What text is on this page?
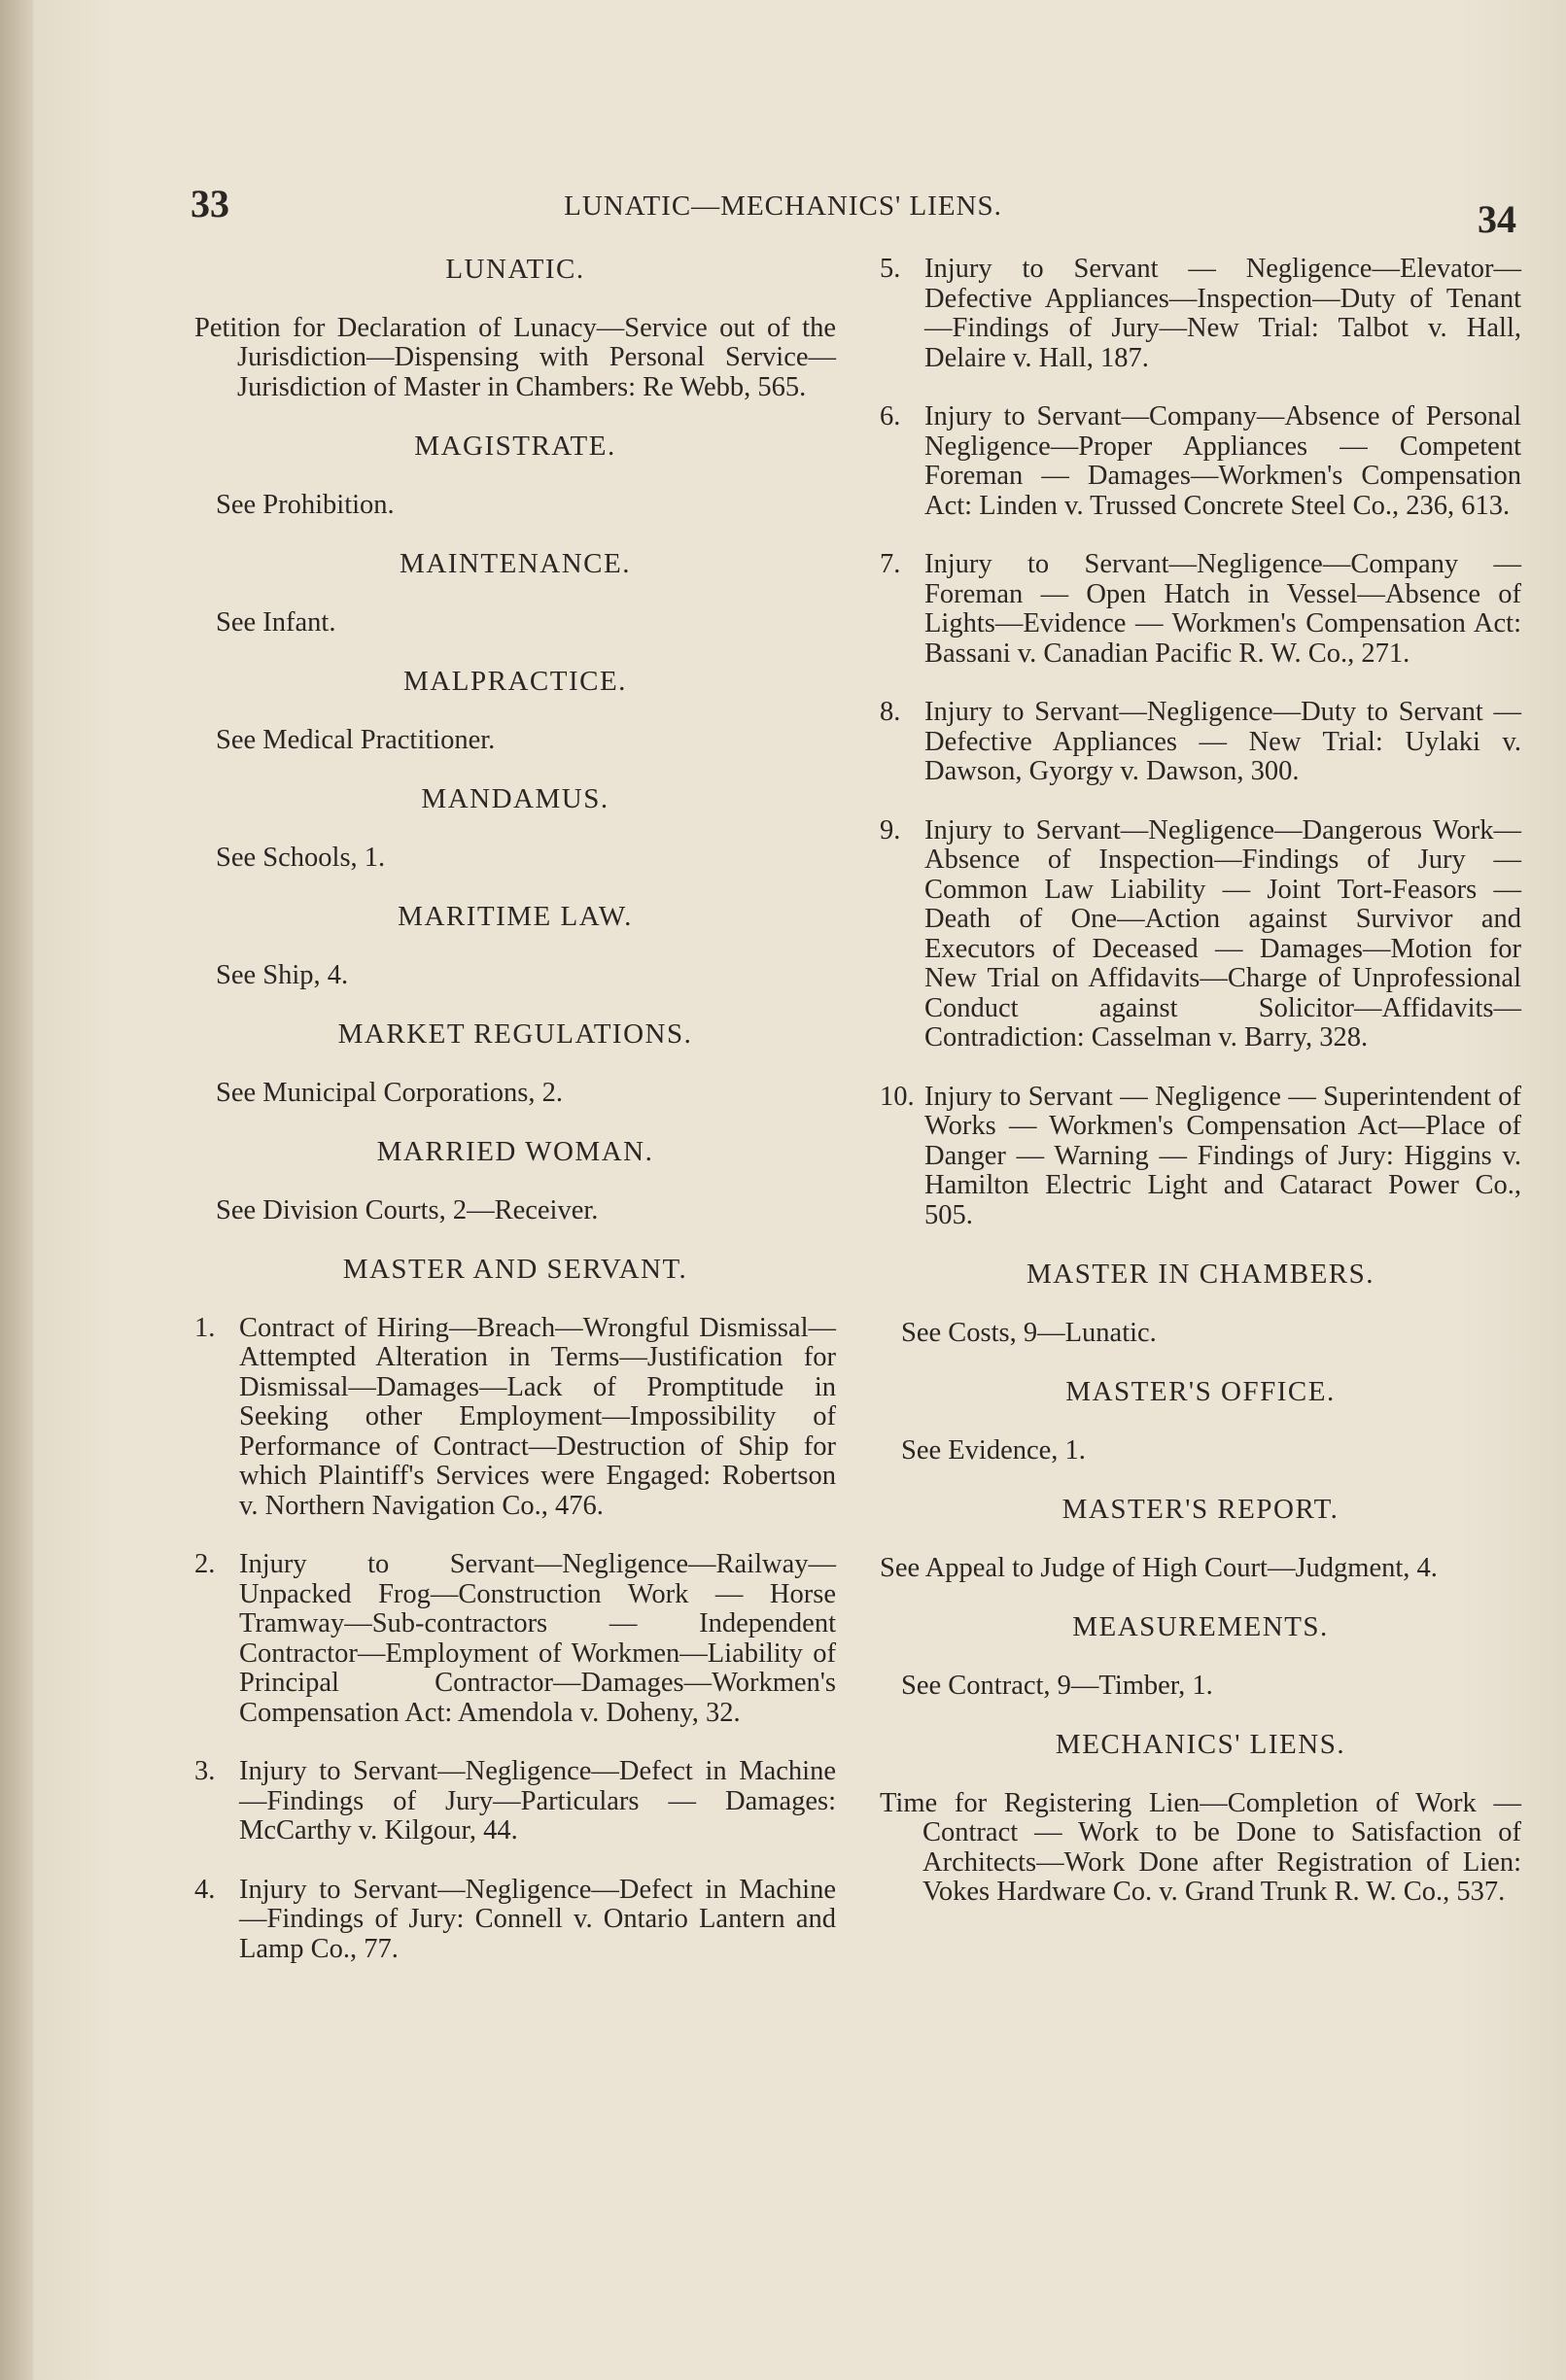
33	LUNATIC—MECHANICS' LIENS.	34
LUNATIC.
Petition for Declaration of Lunacy—Service out of the Jurisdiction—Dispensing with Personal Service—Jurisdiction of Master in Chambers: Re Webb, 565.
MAGISTRATE.
See Prohibition.
MAINTENANCE.
See Infant.
MALPRACTICE.
See Medical Practitioner.
MANDAMUS.
See Schools, 1.
MARITIME LAW.
See Ship, 4.
MARKET REGULATIONS.
See Municipal Corporations, 2.
MARRIED WOMAN.
See Division Courts, 2—Receiver.
MASTER AND SERVANT.
1. Contract of Hiring—Breach—Wrongful Dismissal—Attempted Alteration in Terms—Justification for Dismissal—Damages—Lack of Promptitude in Seeking other Employment—Impossibility of Performance of Contract—Destruction of Ship for which Plaintiff's Services were Engaged: Robertson v. Northern Navigation Co., 476.
2. Injury to Servant—Negligence—Railway—Unpacked Frog—Construction Work — Horse Tramway—Sub-contractors — Independent Contractor—Employment of Workmen—Liability of Principal Contractor—Damages—Workmen's Compensation Act: Amendola v. Doheny, 32.
3. Injury to Servant—Negligence—Defect in Machine—Findings of Jury—Particulars — Damages: McCarthy v. Kilgour, 44.
4. Injury to Servant—Negligence—Defect in Machine—Findings of Jury: Connell v. Ontario Lantern and Lamp Co., 77.
5. Injury to Servant — Negligence—Elevator—Defective Appliances—Inspection—Duty of Tenant—Findings of Jury—New Trial: Talbot v. Hall, Delaire v. Hall, 187.
6. Injury to Servant—Company—Absence of Personal Negligence—Proper Appliances — Competent Foreman — Damages—Workmen's Compensation Act: Linden v. Trussed Concrete Steel Co., 236, 613.
7. Injury to Servant—Negligence—Company — Foreman — Open Hatch in Vessel—Absence of Lights—Evidence — Workmen's Compensation Act: Bassani v. Canadian Pacific R. W. Co., 271.
8. Injury to Servant—Negligence—Duty to Servant — Defective Appliances — New Trial: Uylaki v. Dawson, Gyorgy v. Dawson, 300.
9. Injury to Servant—Negligence—Dangerous Work—Absence of Inspection—Findings of Jury — Common Law Liability — Joint Tort-Feasors — Death of One—Action against Survivor and Executors of Deceased — Damages—Motion for New Trial on Affidavits—Charge of Unprofessional Conduct against Solicitor—Affidavits—Contradiction: Casselman v. Barry, 328.
10. Injury to Servant — Negligence — Superintendent of Works — Workmen's Compensation Act—Place of Danger — Warning — Findings of Jury: Higgins v. Hamilton Electric Light and Cataract Power Co., 505.
MASTER IN CHAMBERS.
See Costs, 9—Lunatic.
MASTER'S OFFICE.
See Evidence, 1.
MASTER'S REPORT.
See Appeal to Judge of High Court—Judgment, 4.
MEASUREMENTS.
See Contract, 9—Timber, 1.
MECHANICS' LIENS.
Time for Registering Lien—Completion of Work — Contract — Work to be Done to Satisfaction of Architects—Work Done after Registration of Lien: Vokes Hardware Co. v. Grand Trunk R. W. Co., 537.
